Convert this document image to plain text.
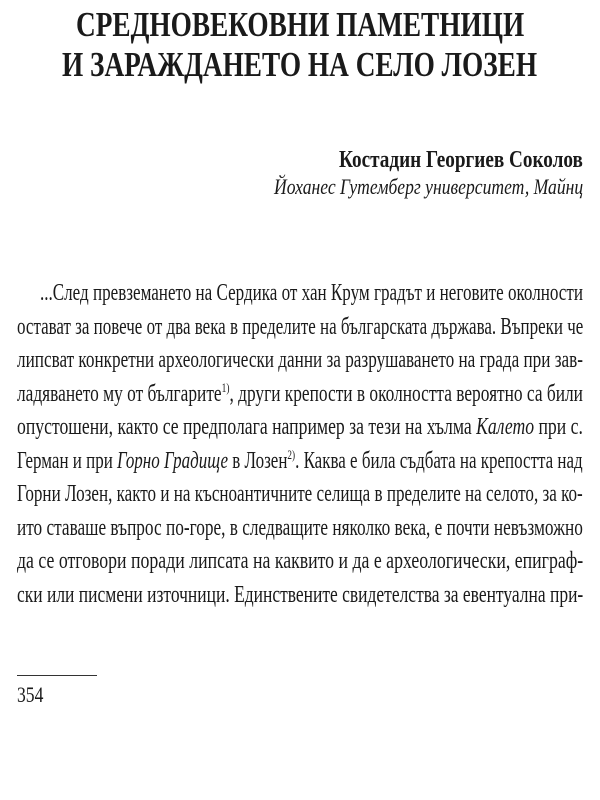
СРЕДНОВЕКОВНИ ПАМЕТНИЦИ
И ЗАРАЖДАНЕТО НА СЕЛО ЛОЗЕН
Костадин Георгиев Соколов
Йоханес Гутемберг университет, Майнц
...След превземането на Сердика от хан Крум градът и неговите околности
остават за повече от два века в пределите на българската държава. Въпреки че
липсват конкретни археологически данни за разрушаването на града при зав-
ладяването му от българите$^{1)}$, други крепости в околността вероятно са били
опустошени, както се предполага например за тези на хълма Калето при с.
Герман и при Горно Градище в Лозен$^{2)}$. Каква е била съдбата на крепостта над
Горни Лозен, както и на късноантичните селища в пределите на селото, за ко-
ито ставаше въпрос по-горе, в следващите няколко века, е почти невъзможно
да се отговори поради липсата на каквито и да е археологически, епиграф-
ски или писмени източници. Единствените свидетелства за евентуална при-
354
